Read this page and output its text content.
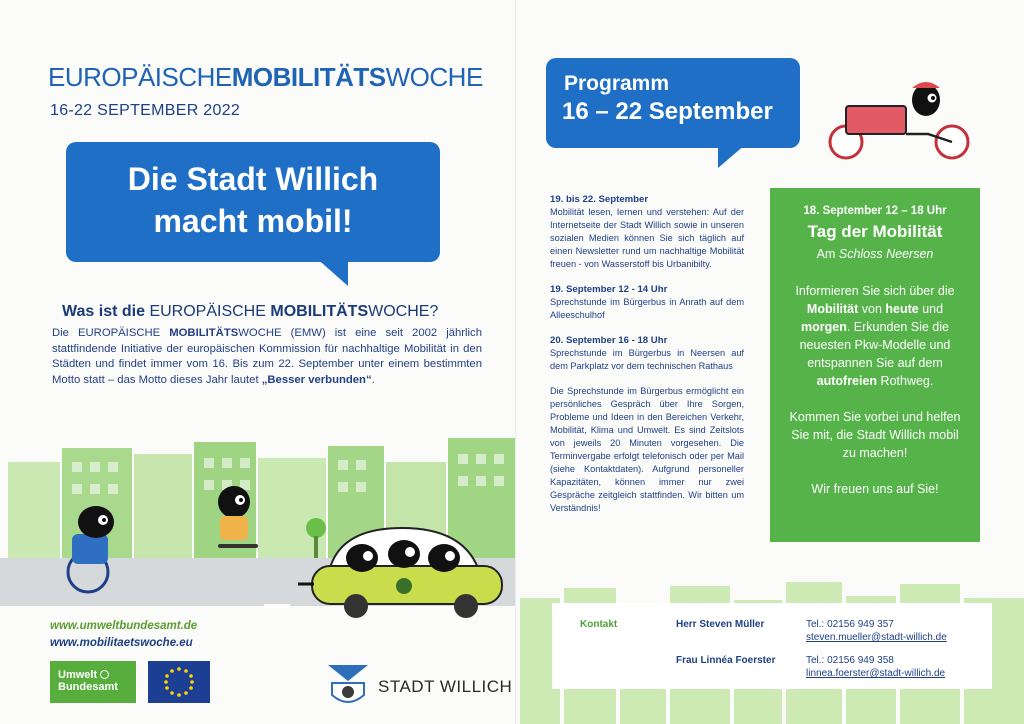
EUROPÄISCHEMOBILITÄTSWOCHE
16-22 SEPTEMBER 2022
Die Stadt Willich
macht mobil!
Was ist die EUROPÄISCHE MOBILITÄTSWOCHE?
Die EUROPÄISCHE MOBILITÄTSWOCHE (EMW) ist eine seit 2002 jährlich stattfindende Initiative der europäischen Kommission für nachhaltige Mobilität in den Städten und findet immer vom 16. Bis zum 22. September unter einem bestimmten Motto statt – das Motto dieses Jahr lautet „Besser verbunden“.
www.umweltbundesamt.de
www.mobilitaetswoche.eu
Umwelt
Bundesamt	STADT WILLICH
Programm
16 – 22 September
19. bis 22. September
Mobilität lesen, lernen und verstehen: Auf der Internetseite der Stadt Willich sowie in unseren sozialen Medien können Sie sich täglich auf einen Newsletter rund um nachhaltige Mobilität freuen - von Wasserstoff bis Urbanibilty.
19. September 12 - 14 Uhr
Sprechstunde im Bürgerbus in Anrath auf dem Alleeschulhof
20. September 16 - 18 Uhr
Sprechstunde im Bürgerbus in Neersen auf dem Parkplatz vor dem technischen Rathaus
Die Sprechstunde im Bürgerbus ermöglicht ein persönliches Gespräch über Ihre Sorgen, Probleme und Ideen in den Bereichen Verkehr, Mobilität, Klima und Umwelt. Es sind Zeitslots von jeweils 20 Minuten vorgesehen. Die Terminvergabe erfolgt telefonisch oder per Mail (siehe Kontaktdaten). Aufgrund personeller Kapazitäten, können immer nur zwei Gespräche zeitgleich stattfinden. Wir bitten um Verständnis!
18. September 12 – 18 Uhr
Tag der Mobilität
Am Schloss Neersen
Informieren Sie sich über die Mobilität von heute und morgen. Erkunden Sie die neuesten Pkw-Modelle und entspannen Sie auf dem autofreien Rothweg.
Kommen Sie vorbei und helfen Sie mit, die Stadt Willich mobil zu machen!
Wir freuen uns auf Sie!
Kontakt	Herr Steven Müller	Tel.: 02156 949 357
steven.mueller@stadt-willich.de
Frau Linnéa Foerster	Tel.: 02156 949 358
linnea.foerster@stadt-willich.de
